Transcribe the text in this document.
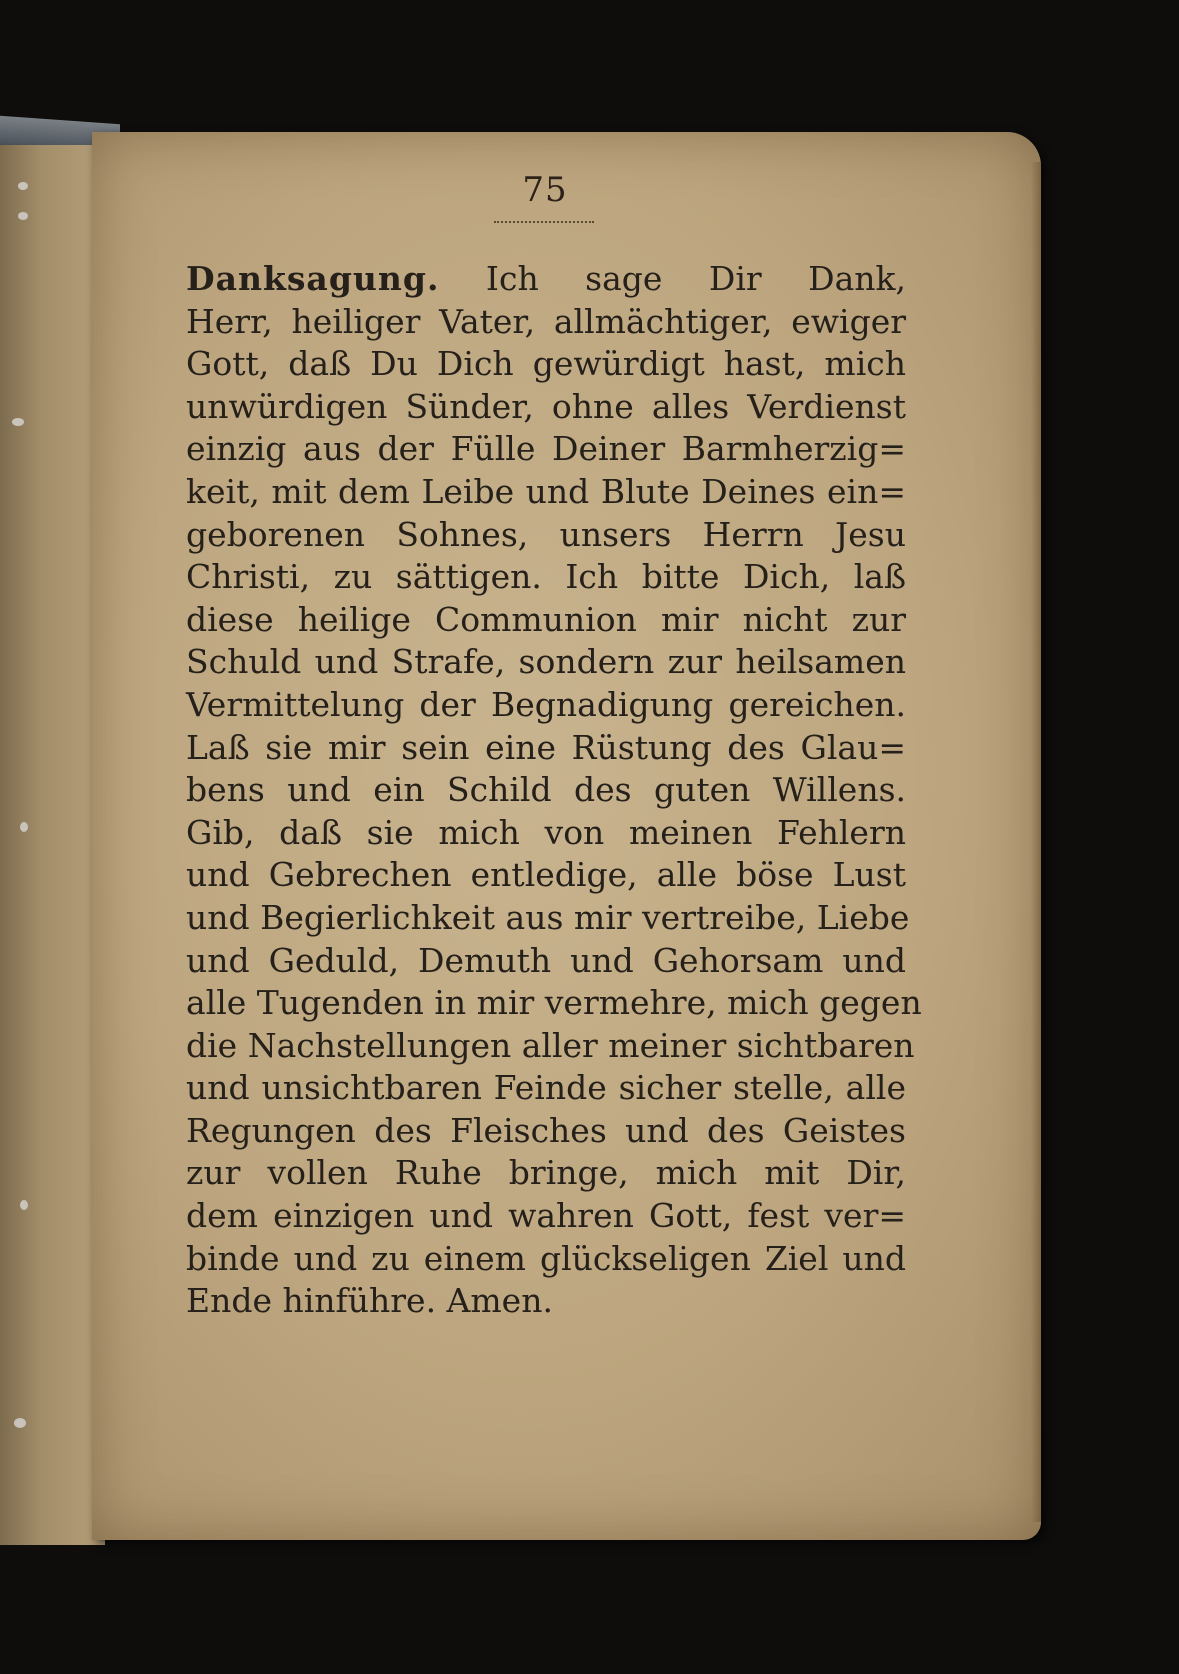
75
Danksagung. Ich sage Dir Dank,
Herr, heiliger Vater, allmächtiger, ewiger
Gott, daß Du Dich gewürdigt hast, mich
unwürdigen Sünder, ohne alles Verdienst
einzig aus der Fülle Deiner Barmherzig=
keit, mit dem Leibe und Blute Deines ein=
geborenen Sohnes, unsers Herrn Jesu
Christi, zu sättigen. Ich bitte Dich, laß
diese heilige Communion mir nicht zur
Schuld und Strafe, sondern zur heilsamen
Vermittelung der Begnadigung gereichen.
Laß sie mir sein eine Rüstung des Glau=
bens und ein Schild des guten Willens.
Gib, daß sie mich von meinen Fehlern
und Gebrechen entledige, alle böse Lust
und Begierlichkeit aus mir vertreibe, Liebe
und Geduld, Demuth und Gehorsam und
alle Tugenden in mir vermehre, mich gegen
die Nachstellungen aller meiner sichtbaren
und unsichtbaren Feinde sicher stelle, alle
Regungen des Fleisches und des Geistes
zur vollen Ruhe bringe, mich mit Dir,
dem einzigen und wahren Gott, fest ver=
binde und zu einem glückseligen Ziel und
Ende hinführe. Amen.
